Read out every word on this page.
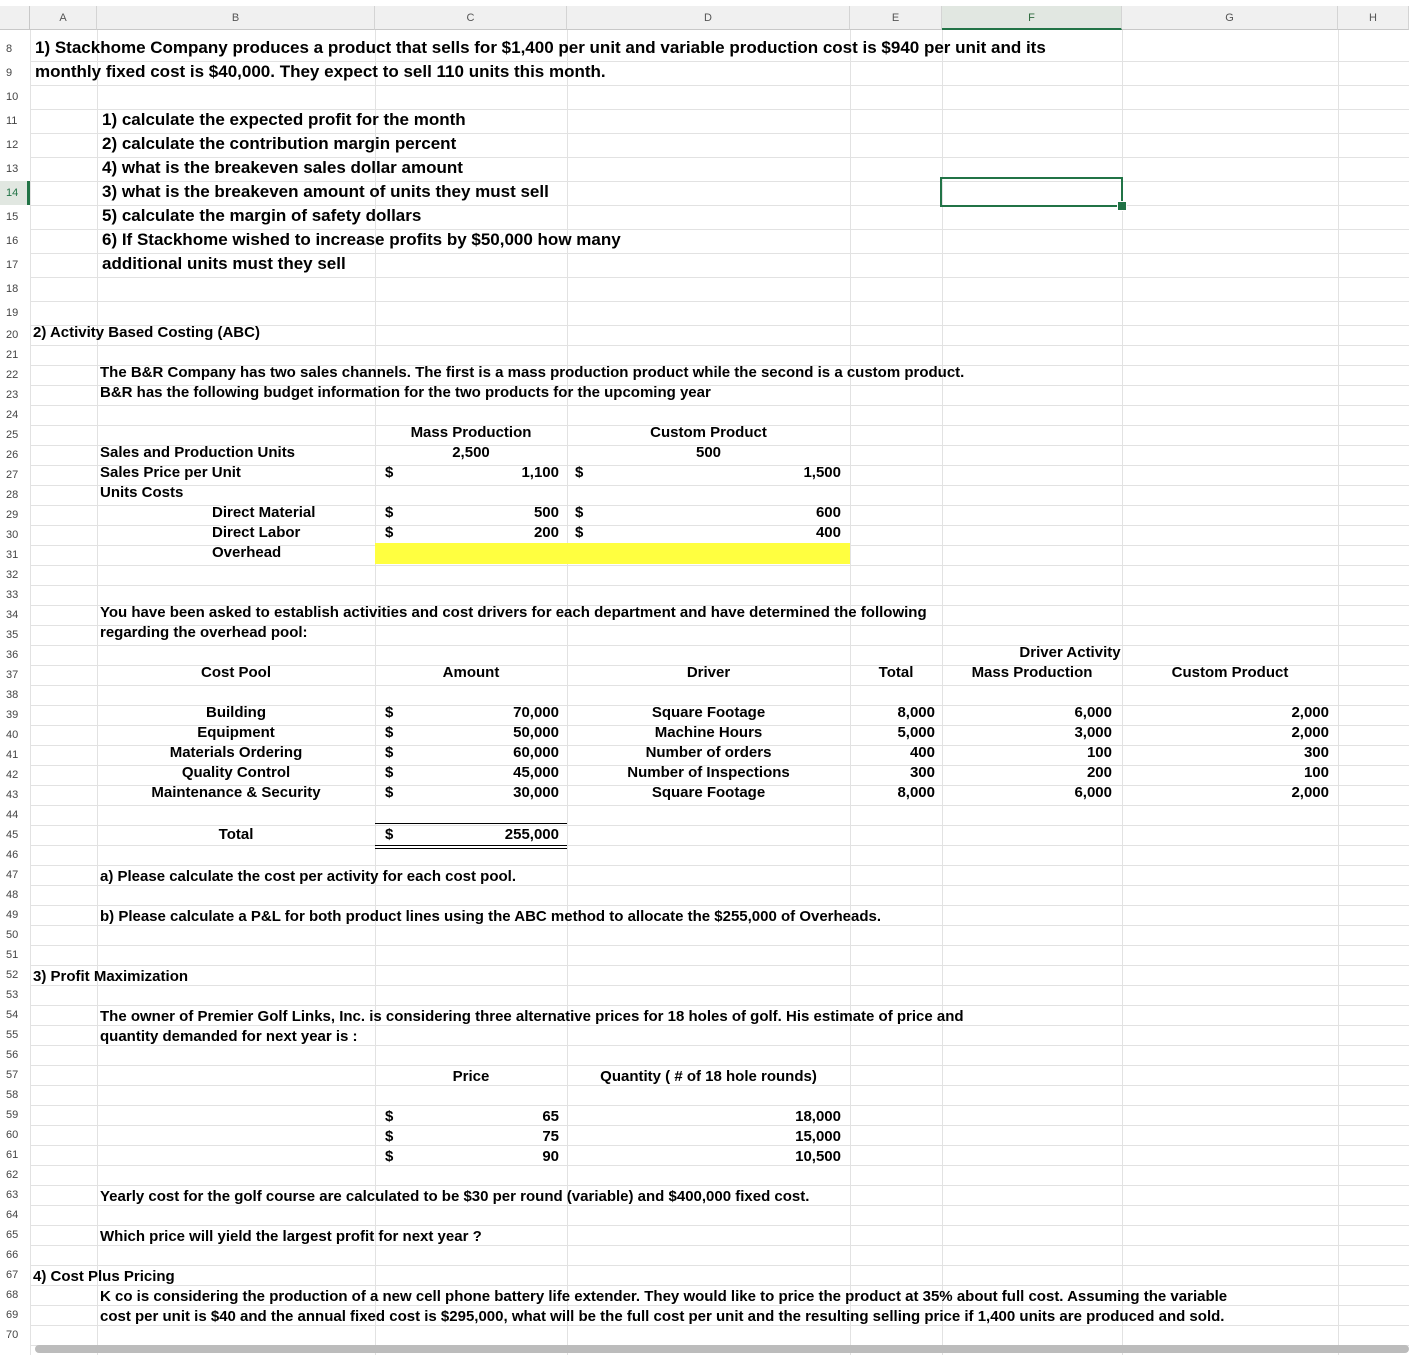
A	B	C	D	E	F	G	H
1) Stackhome Company produces a product that sells for $1,400 per unit and variable production cost is $940 per unit and its
monthly fixed cost is $40,000. They expect to sell 110 units this month.
1) calculate the expected profit for the month
2) calculate the contribution margin percent
4) what is the breakeven sales dollar amount
3) what is the breakeven amount of units they must sell
5) calculate the margin of safety dollars
6) If Stackhome wished to increase profits by $50,000 how many
additional units must they sell
2) Activity Based Costing (ABC)
The B&R Company has two sales channels. The first is a mass production product while the second is a custom product.
B&R has the following budget information for the two products for the upcoming year
Mass Production	Custom Product
Sales and Production Units	2,500	500
Sales Price per Unit	$	1,100 $	1,500
Units Costs
Direct Material	$	500 $	600
Direct Labor	$	200 $	400
Overhead
You have been asked to establish activities and cost drivers for each department and have determined the following
regarding the overhead pool:
Driver Activity
Cost Pool	Amount	Driver	Total	Mass Production	Custom Product
Building	$	70,000	Square Footage	8,000	6,000	2,000
Equipment	$	50,000	Machine Hours	5,000	3,000	2,000
Materials Ordering	$	60,000	Number of orders	400	100	300
Quality Control	$	45,000	Number of Inspections	300	200	100
Maintenance & Security	$	30,000	Square Footage	8,000	6,000	2,000
Total	$	255,000
a) Please calculate the cost per activity for each cost pool.
b) Please calculate a P&L for both product lines using the ABC method to allocate the $255,000 of Overheads.
3) Profit Maximization
The owner of Premier Golf Links, Inc. is considering three alternative prices for 18 holes of golf. His estimate of price and
quantity demanded for next year is :
Price	Quantity ( # of 18 hole rounds)
$	65	18,000
$	75	15,000
$	90	10,500
Yearly cost for the golf course are calculated to be $30 per round (variable) and $400,000 fixed cost.
Which price will yield the largest profit for next year ?
4) Cost Plus Pricing
K co is considering the production of a new cell phone battery life extender. They would like to price the product at 35% about full cost. Assuming the variable
cost per unit is $40 and the annual fixed cost is $295,000, what will be the full cost per unit and the resulting selling price if 1,400 units are produced and sold.
8
9
10
11
12
13
14
15
16
17
18
19
20
21
22
23
24
25
26
27
28
29
30
31
32
33
34
35
36
37
38
39
40
41
42
43
44
45
46
47
48
49
50
51
52
53
54
55
56
57
58
59
60
61
62
63
64
65
66
67
68
69
70
